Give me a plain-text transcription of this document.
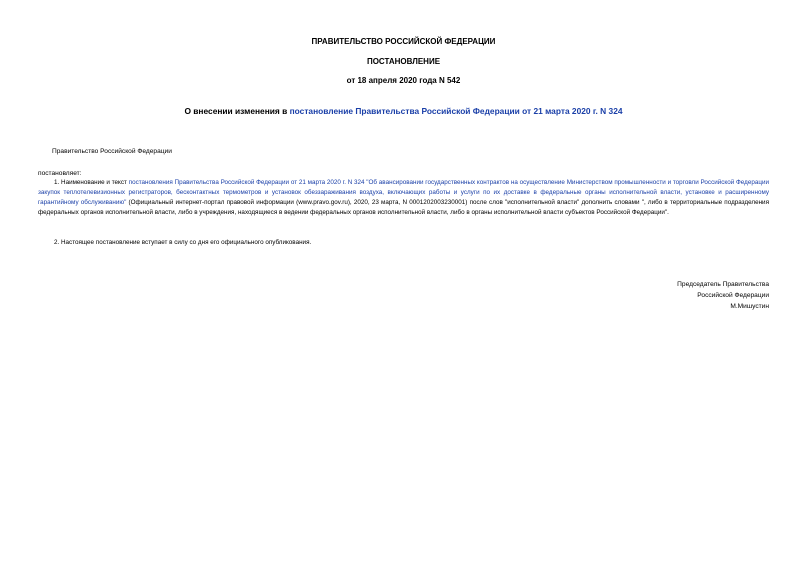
ПРАВИТЕЛЬСТВО РОССИЙСКОЙ ФЕДЕРАЦИИ
ПОСТАНОВЛЕНИЕ
от 18 апреля 2020 года N 542
О внесении изменения в постановление Правительства Российской Федерации от 21 марта 2020 г. N 324
Правительство Российской Федерации
постановляет:
1. Наименование и текст постановления Правительства Российской Федерации от 21 марта 2020 г. N 324 "Об авансировании государственных контрактов на осуществление Министерством промышленности и торговли Российской Федерации закупок теплотелевизионных регистраторов, бесконтактных термометров и установок обеззараживания воздуха, включающих работы и услуги по их доставке в федеральные органы исполнительной власти, установке и расширенному гарантийному обслуживанию" (Официальный интернет-портал правовой информации (www.pravo.gov.ru), 2020, 23 марта, N 0001202003230001) после слов "исполнительной власти" дополнить словами ", либо в территориальные подразделения федеральных органов исполнительной власти, либо в учреждения, находящиеся в ведении федеральных органов исполнительной власти, либо в органы исполнительной власти субъектов Российской Федерации".
2. Настоящее постановление вступает в силу со дня его официального опубликования.
Председатель Правительства
Российской Федерации
М.Мишустин
